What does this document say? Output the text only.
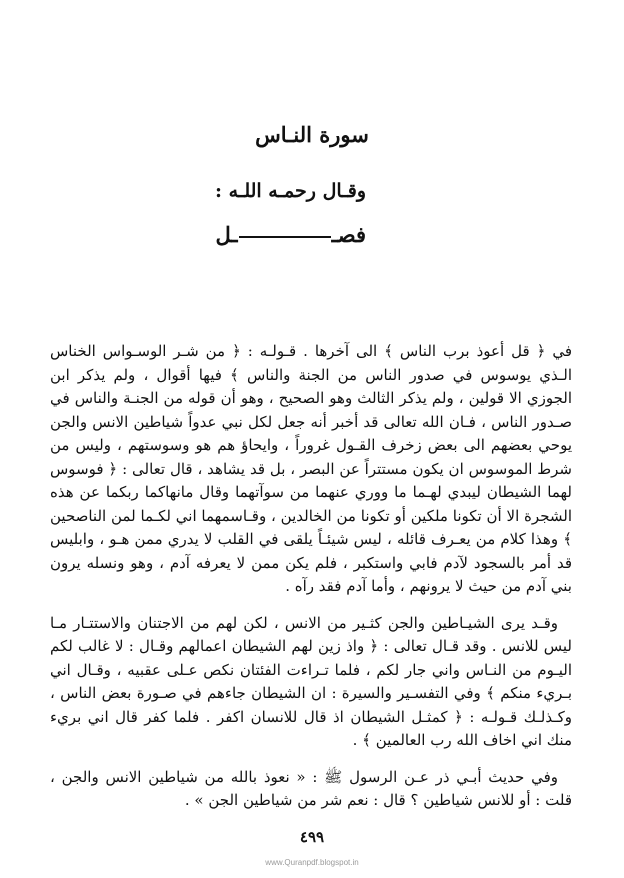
سورة النـاس
وقـال رحمـه اللـه :
فصــل

في ﴿ قل أعوذ برب الناس ﴾ الى آخرها . قـولـه : ﴿ من شـر الوسـواس الخناس الـذي يوسوس في صدور الناس من الجنة والناس ﴾ فيها أقوال ، ولم يذكر ابن الجوزي الا قولين ، ولم يذكر الثالث وهو الصحيح ، وهو أن قوله من الجنـة والناس في صـدور الناس ، فـان الله تعالى قد أخبر أنه جعل لكل نبي عدواً شياطين الانس والجن يوحي بعضهم الى بعض زخرف القـول غروراً ، وايحاؤ هم هو وسوستهم ، وليس من شرط الموسوس ان يكون مستتراً عن البصر ، بل قد يشاهد ، قال تعالى : ﴿ فوسوس لهما الشيطان ليبدي لهـما ما ووري عنهما من سوآتهما وقال مانهاكما ربكما عن هذه الشجرة الا أن تكونا ملكين أو تكونا من الخالدين ، وقـاسمهما اني لكـما لمن الناصحين ﴾ وهذا كلام من يعـرف قائله ، ليس شيئـاً يلقى في القلب لا يدري ممن هـو ، وابليس قد أمر بالسجود لآدم فابي واستكبر ، فلم يكن ممن لا يعرفه آدم ، وهو ونسله يرون بني آدم من حيث لا يرونهم ، وأما آدم فقد رآه .

وقـد يرى الشيـاطين والجن كثـير من الانس ، لكن لهم من الاجتنان والاستتـار مـا ليس للانس . وقد قـال تعالى : ﴿ واذ زين لهم الشيطان اعمالهم وقـال : لا غالب لكم اليـوم من النـاس واني جار لكم ، فلما تـراءت الفئتان نكص عـلى عقبيه ، وقـال اني بـريء منكم ﴾ وفي التفسـير والسيرة : ان الشيطان جاءهم في صـورة بعض الناس ، وكـذلـك قـولـه : ﴿ كمثـل الشيطان اذ قال للانسان اكفر . فلما كفر قال اني بريء منك اني اخاف الله رب العالمين ﴾ .

وفي حديث أبـي ذر عـن الرسول ﷺ : « نعوذ بالله من شياطين الانس والجن ، قلت : أو للانس شياطين ؟ قال : نعم شر من شياطين الجن » .

٤٩٩
www.Quranpdf.blogspot.in
